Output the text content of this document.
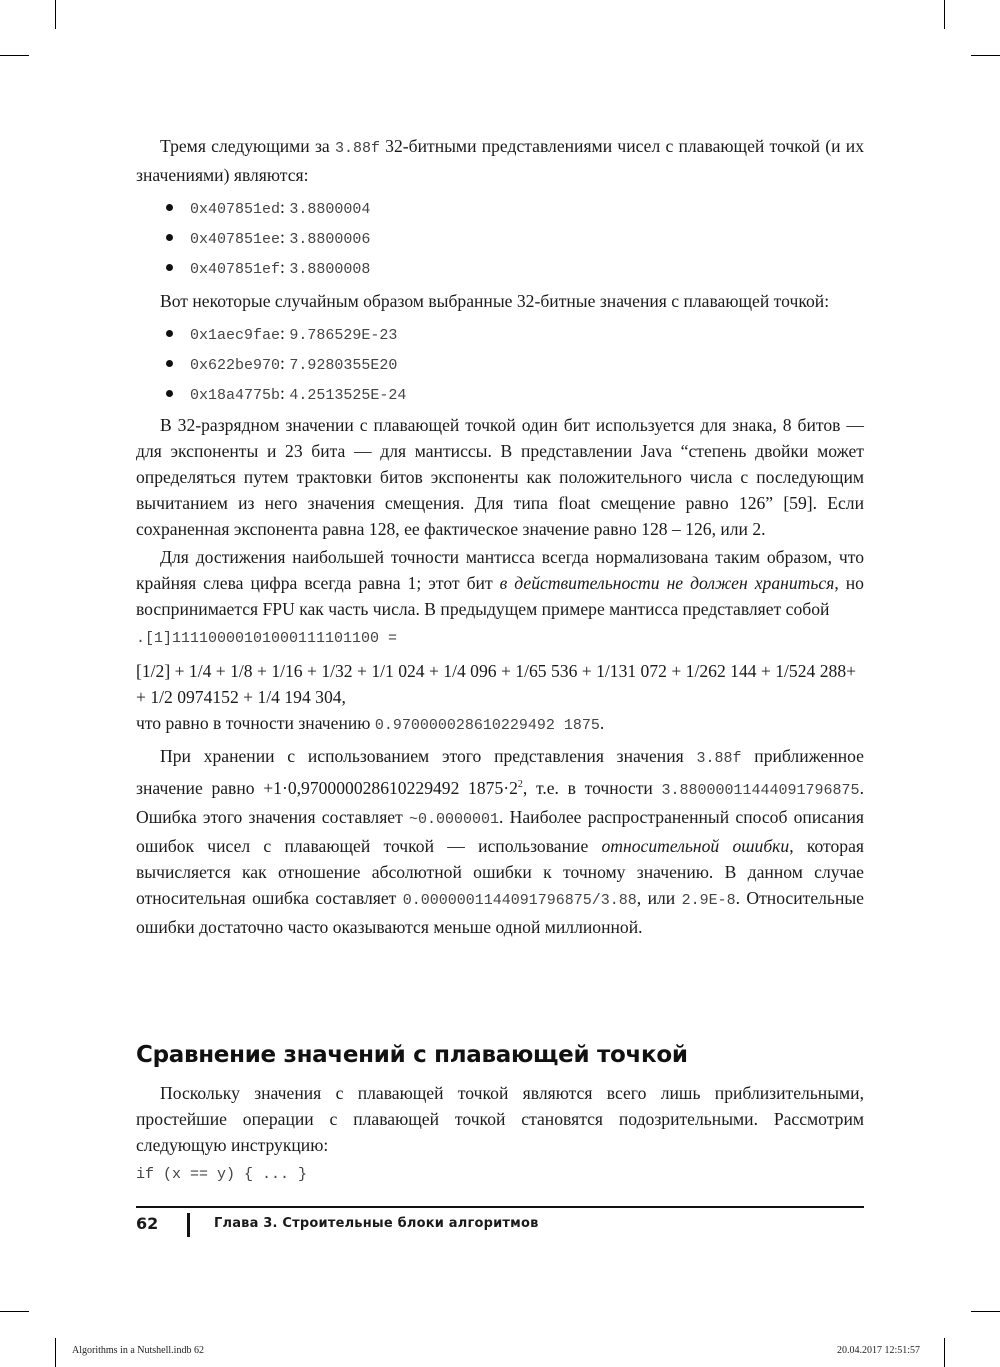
Тремя следующими за 3.88f 32-битными представлениями чисел с плавающей точкой (и их значениями) являются:

0x407851ed: 3.8800004
0x407851ee: 3.8800006
0x407851ef: 3.8800008

Вот некоторые случайным образом выбранные 32-битные значения с плавающей точкой:

0x1aec9fae: 9.786529E-23
0x622be970: 7.9280355E20
0x18a4775b: 4.2513525E-24

В 32-разрядном значении с плавающей точкой один бит используется для знака, 8 битов — для экспоненты и 23 бита — для мантиссы. В представлении Java “степень двойки может определяться путем трактовки битов экспоненты как положительного числа с последующим вычитанием из него значения смещения. Для типа float смещение равно 126” [59]. Если сохраненная экспонента равна 128, ее фактическое значение равно 128 – 126, или 2.

Для достижения наибольшей точности мантисса всегда нормализована таким образом, что крайняя слева цифра всегда равна 1; этот бит в действительности не должен храниться, но воспринимается FPU как часть числа. В предыдущем примере мантисса представляет собой

.[1]11110000101000111101100 =

[1/2] + 1/4 + 1/8 + 1/16 + 1/32 + 1/1 024 + 1/4 096 + 1/65 536 + 1/131 072 + 1/262 144 + 1/524 288+ + 1/2 0974152 + 1/4 194 304,

что равно в точности значению 0.970000028610229492 1875.

При хранении с использованием этого представления значения 3.88f приближенное значение равно +1·0,970000028610229492 $1875\cdot 2^2$, т.е. в точности 3.88000011444091796875. Ошибка этого значения составляет ~0.0000001. Наиболее распространенный способ описания ошибок чисел с плавающей точкой — использование относительной ошибки, которая вычисляется как отношение абсолютной ошибки к точному значению. В данном случае относительная ошибка составляет 0.0000001144091796875/3.88, или 2.9E-8. Относительные ошибки достаточно часто оказываются меньше одной миллионной.

Сравнение значений с плавающей точкой

Поскольку значения с плавающей точкой являются всего лишь приблизительными, простейшие операции с плавающей точкой становятся подозрительными. Рассмотрим следующую инструкцию:

if (x == y) { ... }

62	Глава 3. Строительные блоки алгоритмов
Algorithms in a Nutshell.indb 62	20.04.2017 12:51:57
